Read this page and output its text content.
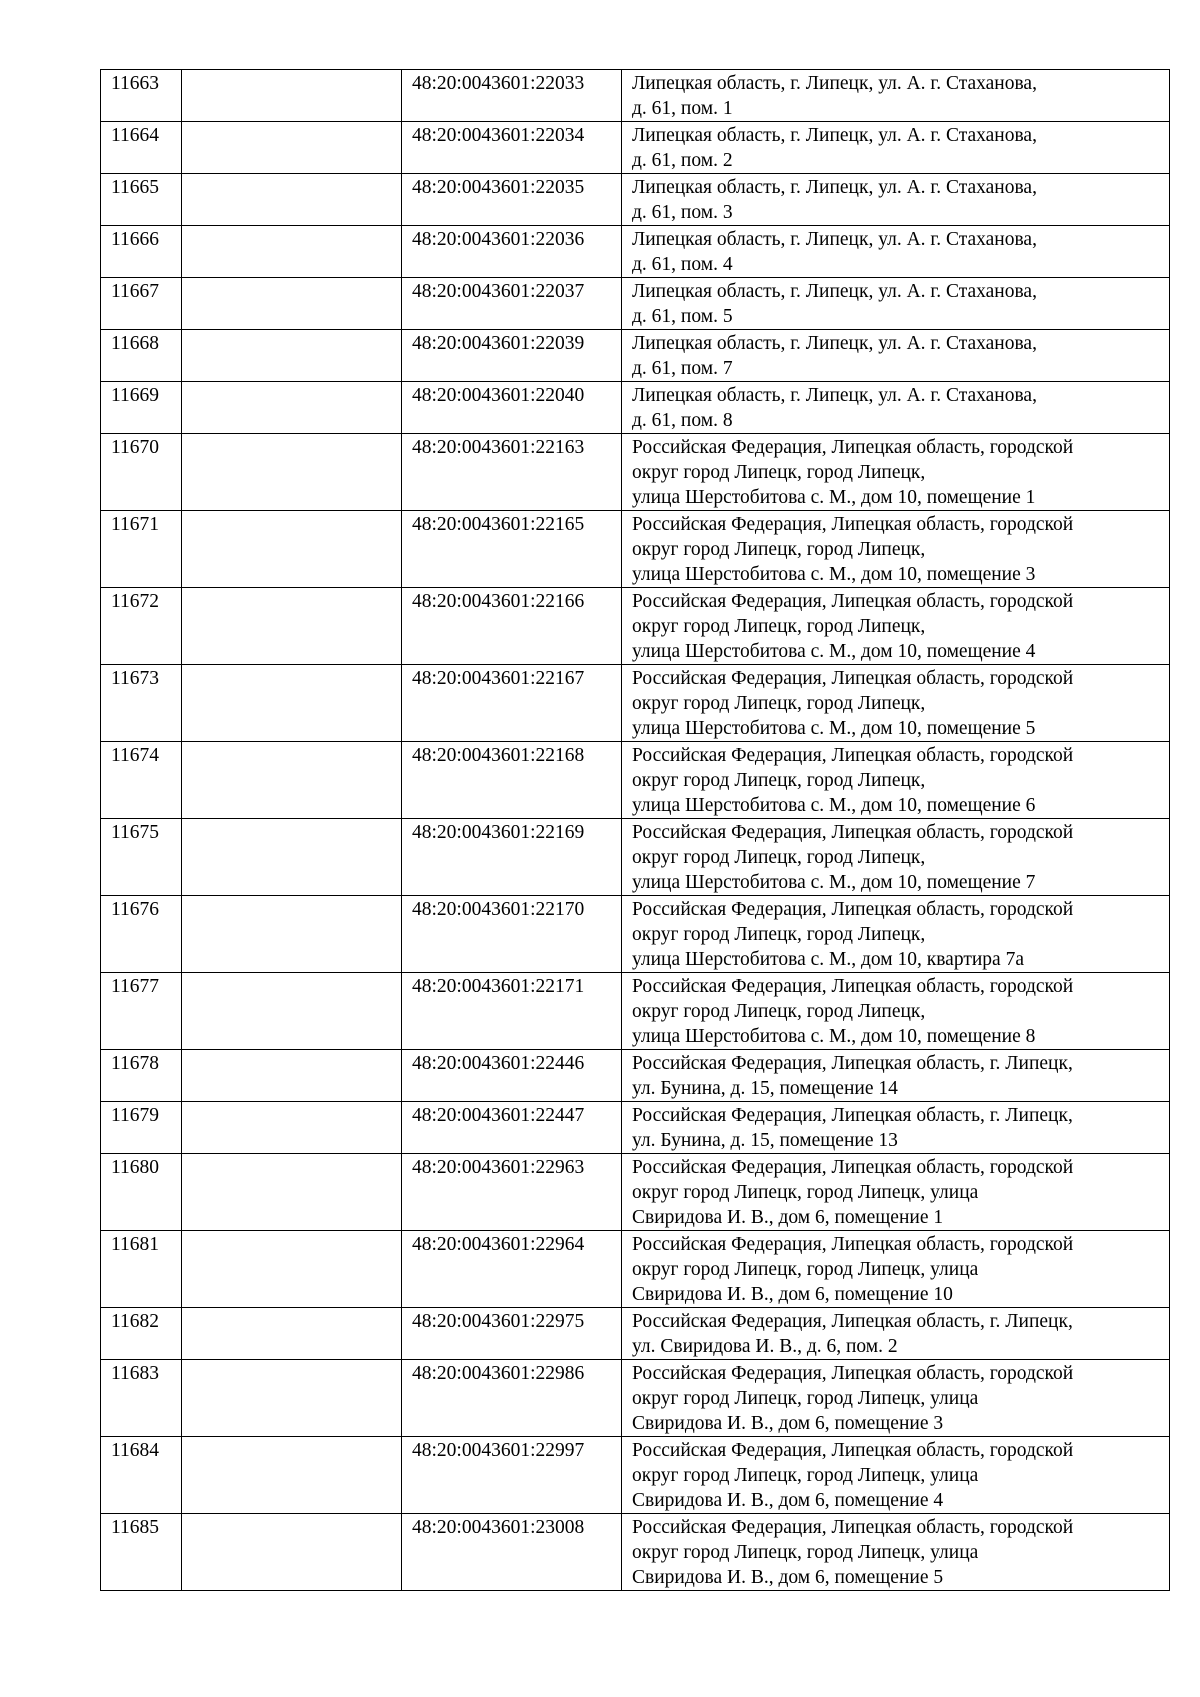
11663		48:20:0043601:22033	Липецкая область, г. Липецк, ул. А. г. Стаханова,
д. 61, пом. 1

11664		48:20:0043601:22034	Липецкая область, г. Липецк, ул. А. г. Стаханова,
д. 61, пом. 2

11665		48:20:0043601:22035	Липецкая область, г. Липецк, ул. А. г. Стаханова,
д. 61, пом. 3

11666		48:20:0043601:22036	Липецкая область, г. Липецк, ул. А. г. Стаханова,
д. 61, пом. 4

11667		48:20:0043601:22037	Липецкая область, г. Липецк, ул. А. г. Стаханова,
д. 61, пом. 5

11668		48:20:0043601:22039	Липецкая область, г. Липецк, ул. А. г. Стаханова,
д. 61, пом. 7

11669		48:20:0043601:22040	Липецкая область, г. Липецк, ул. А. г. Стаханова,
д. 61, пом. 8

11670		48:20:0043601:22163	Российская Федерация, Липецкая область, городской
округ город Липецк, город Липецк,
улица Шерстобитова с. М., дом 10, помещение 1

11671		48:20:0043601:22165	Российская Федерация, Липецкая область, городской
округ город Липецк, город Липецк,
улица Шерстобитова с. М., дом 10, помещение 3

11672		48:20:0043601:22166	Российская Федерация, Липецкая область, городской
округ город Липецк, город Липецк,
улица Шерстобитова с. М., дом 10, помещение 4

11673		48:20:0043601:22167	Российская Федерация, Липецкая область, городской
округ город Липецк, город Липецк,
улица Шерстобитова с. М., дом 10, помещение 5

11674		48:20:0043601:22168	Российская Федерация, Липецкая область, городской
округ город Липецк, город Липецк,
улица Шерстобитова с. М., дом 10, помещение 6

11675		48:20:0043601:22169	Российская Федерация, Липецкая область, городской
округ город Липецк, город Липецк,
улица Шерстобитова с. М., дом 10, помещение 7

11676		48:20:0043601:22170	Российская Федерация, Липецкая область, городской
округ город Липецк, город Липецк,
улица Шерстобитова с. М., дом 10, квартира 7а

11677		48:20:0043601:22171	Российская Федерация, Липецкая область, городской
округ город Липецк, город Липецк,
улица Шерстобитова с. М., дом 10, помещение 8

11678		48:20:0043601:22446	Российская Федерация, Липецкая область, г. Липецк,
ул. Бунина, д. 15, помещение 14

11679		48:20:0043601:22447	Российская Федерация, Липецкая область, г. Липецк,
ул. Бунина, д. 15, помещение 13

11680		48:20:0043601:22963	Российская Федерация, Липецкая область, городской
округ город Липецк, город Липецк, улица
Свиридова И. В., дом 6, помещение 1

11681		48:20:0043601:22964	Российская Федерация, Липецкая область, городской
округ город Липецк, город Липецк, улица
Свиридова И. В., дом 6, помещение 10

11682		48:20:0043601:22975	Российская Федерация, Липецкая область, г. Липецк,
ул. Свиридова И. В., д. 6, пом. 2

11683		48:20:0043601:22986	Российская Федерация, Липецкая область, городской
округ город Липецк, город Липецк, улица
Свиридова И. В., дом 6, помещение 3

11684		48:20:0043601:22997	Российская Федерация, Липецкая область, городской
округ город Липецк, город Липецк, улица
Свиридова И. В., дом 6, помещение 4

11685		48:20:0043601:23008	Российская Федерация, Липецкая область, городской
округ город Липецк, город Липецк, улица
Свиридова И. В., дом 6, помещение 5
